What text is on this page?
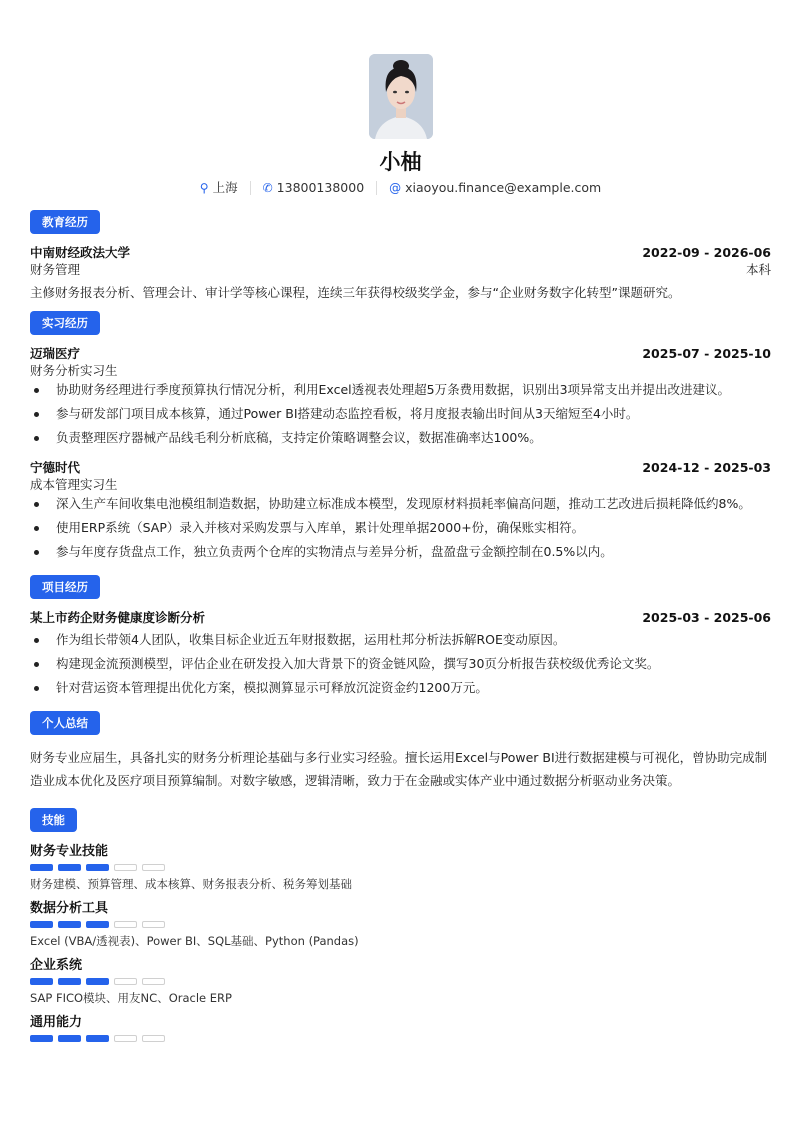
小柚
⚲ 上海 ✆ 13800138000 @ xiaoyou.finance@example.com
教育经历
中南财经政法大学	2022-09 - 2026-06
财务管理	本科
主修财务报表分析、管理会计、审计学等核心课程，连续三年获得校级奖学金，参与“企业财务数字化转型”课题研究。
实习经历
迈瑞医疗	2025-07 - 2025-10
财务分析实习生
协助财务经理进行季度预算执行情况分析，利用Excel透视表处理超5万条费用数据，识别出3项异常支出并提出改进建议。
参与研发部门项目成本核算，通过Power BI搭建动态监控看板，将月度报表输出时间从3天缩短至4小时。
负责整理医疗器械产品线毛利分析底稿，支持定价策略调整会议，数据准确率达100%。
宁德时代	2024-12 - 2025-03
成本管理实习生
深入生产车间收集电池模组制造数据，协助建立标准成本模型，发现原材料损耗率偏高问题，推动工艺改进后损耗降低约8%。
使用ERP系统（SAP）录入并核对采购发票与入库单，累计处理单据2000+份，确保账实相符。
参与年度存货盘点工作，独立负责两个仓库的实物清点与差异分析，盘盈盘亏金额控制在0.5%以内。
项目经历
某上市药企财务健康度诊断分析	2025-03 - 2025-06
作为组长带领4人团队，收集目标企业近五年财报数据，运用杜邦分析法拆解ROE变动原因。
构建现金流预测模型，评估企业在研发投入加大背景下的资金链风险，撰写30页分析报告获校级优秀论文奖。
针对营运资本管理提出优化方案，模拟测算显示可释放沉淀资金约1200万元。
个人总结
财务专业应届生，具备扎实的财务分析理论基础与多行业实习经验。擅长运用Excel与Power BI进行数据建模与可视化，曾协助完成制造业成本优化及医疗项目预算编制。对数字敏感，逻辑清晰，致力于在金融或实体产业中通过数据分析驱动业务决策。
技能
财务专业技能
财务建模、预算管理、成本核算、财务报表分析、税务筹划基础
数据分析工具
Excel (VBA/透视表)、Power BI、SQL基础、Python (Pandas)
企业系统
SAP FICO模块、用友NC、Oracle ERP
通用能力
